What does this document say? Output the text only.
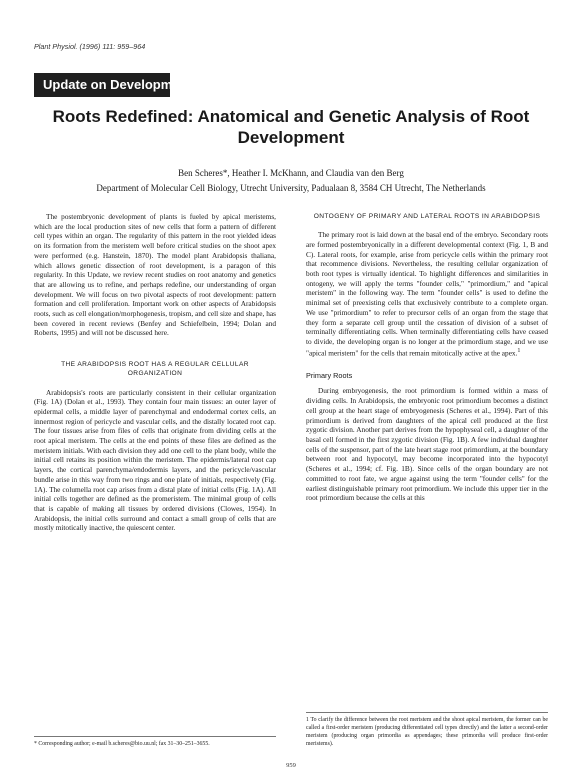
Plant Physiol. (1996) 111: 959–964
Update on Development
Roots Redefined: Anatomical and Genetic Analysis of Root Development
Ben Scheres*, Heather I. McKhann, and Claudia van den Berg
Department of Molecular Cell Biology, Utrecht University, Padualaan 8, 3584 CH Utrecht, The Netherlands

The postembryonic development of plants is fueled by apical meristems, which are the local production sites of new cells that form a pattern of different cell types within an organ. The regularity of this pattern in the root yielded ideas on its formation from the meristem well before critical studies on the shoot apex were performed (e.g. Hanstein, 1870). The model plant Arabidopsis thaliana, which allows genetic dissection of root development, is a paragon of this regularity. In this Update, we review recent studies on root anatomy and genetics that are allowing us to refine, and perhaps redefine, our understanding of organ development. We will focus on two pivotal aspects of root development: pattern formation and cell proliferation. Important work on other aspects of Arabidopsis roots, such as cell elongation/morphogenesis, tropism, and cell size and shape, has been covered in recent reviews (Benfey and Schiefelbein, 1994; Dolan and Roberts, 1995) and will not be discussed here.

THE ARABIDOPSIS ROOT HAS A REGULAR CELLULAR ORGANIZATION

Arabidopsis's roots are particularly consistent in their cellular organization (Fig. 1A) (Dolan et al., 1993). They contain four main tissues: an outer layer of epidermal cells, a middle layer of parenchymal and endodermal cortex cells, an innermost region of pericycle and vascular cells, and the distally located root cap. The four tissues arise from files of cells that originate from dividing cells at the root apical meristem. The cells at the end points of these files are defined as the meristem initials. With each division they add one cell to the plant body, while the initial cell retains its position within the meristem. The epidermis/lateral root cap layers, the cortical parenchyma/endodermis layers, and the pericycle/vascular bundle arise in this way from two rings and one plate of initials, respectively (Fig. 1A). The columella root cap arises from a distal plate of initial cells (Fig. 1A). All initial cells together are defined as the promeristem. The minimal group of cells that is capable of making all tissues by ordered divisions (Clowes, 1954). In Arabidopsis, the initial cells surround and contact a small group of cells that are mostly mitotically inactive, the quiescent center.

ONTOGENY OF PRIMARY AND LATERAL ROOTS IN ARABIDOPSIS

The primary root is laid down at the basal end of the embryo. Secondary roots are formed postembryonically in a different developmental context (Fig. 1, B and C). Lateral roots, for example, arise from pericycle cells within the primary root that recommence divisions. Nevertheless, the resulting cellular organization of both root types is virtually identical. To highlight differences and similarities in ontogeny, we will apply the terms "founder cells," "primordium," and "apical meristem" in the following way. The term "founder cells" is used to define the minimal set of preexisting cells that exclusively contribute to a complete organ. We use "primordium" to refer to precursor cells of an organ from the stage that they form a separate cell group until the cessation of division of a subset of terminally differentiating cells. When terminally differentiating cells have ceased to divide, the developing organ is no longer at the primordium stage, and we use "apical meristem" for the cells that remain mitotically active at the apex.$^1$

Primary Roots

During embryogenesis, the root primordium is formed within a mass of dividing cells. In Arabidopsis, the embryonic root primordium becomes a distinct cell group at the heart stage of embryogenesis (Scheres et al., 1994). Part of this primordium is derived from daughters of the apical cell produced at the first zygotic division. Another part derives from the hypophyseal cell, a daughter of the basal cell formed in the first zygotic division (Fig. 1B). A few individual daughter cells of the suspensor, part of the late heart stage root primordium, at the boundary between root and hypocotyl, may become incorporated into the hypocotyl (Scheres et al., 1994; cf. Fig. 1B). Since cells of the organ boundary are not committed to root fate, we argue against using the term "founder cells" for the earliest distinguishable primary root primordium. We include this upper tier in the root primordium because the cells at this

* Corresponding author; e-mail b.scheres@bio.uu.nl; fax 31–30–251–3655.

1 To clarify the difference between the root meristem and the shoot apical meristem, the former can be called a first-order meristem (producing differentiated cell types directly) and the latter a second-order meristem (producing organ primordia as appendages; these primordia will produce first-order meristems).

959
